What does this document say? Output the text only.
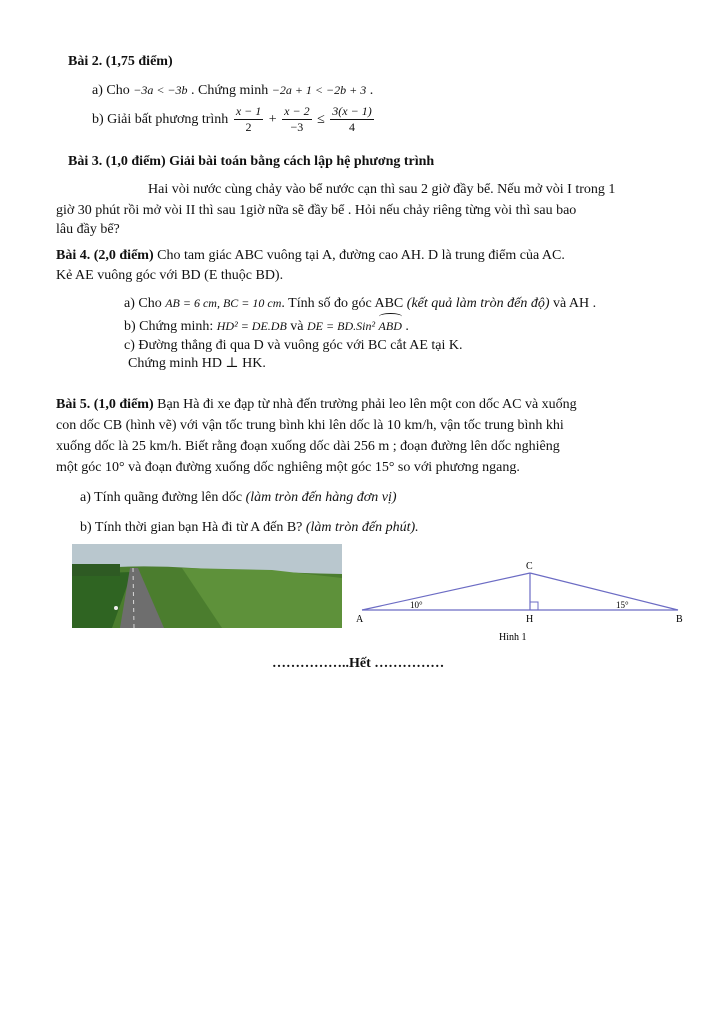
Bài 2. (1,75 điểm)
a) Cho −3a < −3b . Chứng minh −2a + 1 < −2b + 3 .
b) Giải bất phương trình $\frac{x - 1}{2} + \frac{x - 2}{-3} \le \frac{3(x - 1)}{4}$
Bài 3. (1,0 điểm) Giải bài toán bằng cách lập hệ phương trình
Hai vòi nước cùng chảy vào bể nước cạn thì sau 2 giờ đầy bể. Nếu mở vòi I trong 1
giờ 30 phút rồi mở vòi II thì sau 1giờ nữa sẽ đầy bể . Hỏi nếu chảy riêng từng vòi thì sau bao
lâu đầy bể?
Bài 4. (2,0 điểm) Cho tam giác ABC vuông tại A, đường cao AH. D là trung điểm của AC.
Kẻ AE vuông góc với BD (E thuộc BD).
a) Cho AB = 6 cm, BC = 10 cm. Tính số đo góc ABC (kết quả làm tròn đến độ) và AH .
b) Chứng minh: HD² = DE.DB và DE = BD.Sin² ABD .
c) Đường thẳng đi qua D và vuông góc với BC cắt AE tại K.
Chứng minh HD ⊥ HK.
Bài 5. (1,0 điểm) Bạn Hà đi xe đạp từ nhà đến trường phải leo lên một con dốc AC và xuống
con dốc CB (hình vẽ) với vận tốc trung bình khi lên dốc là 10 km/h, vận tốc trung bình khi
xuống dốc là 25 km/h. Biết rằng đoạn xuống dốc dài 256 m ; đoạn đường lên dốc nghiêng
một góc 10° và đoạn đường xuống dốc nghiêng một góc 15° so với phương ngang.
a) Tính quãng đường lên dốc (làm tròn đến hàng đơn vị)
b) Tính thời gian bạn Hà đi từ A đến B? (làm tròn đến phút).
A	B
C
H
10°	15°
Hình 1
……………..Hết ……………
